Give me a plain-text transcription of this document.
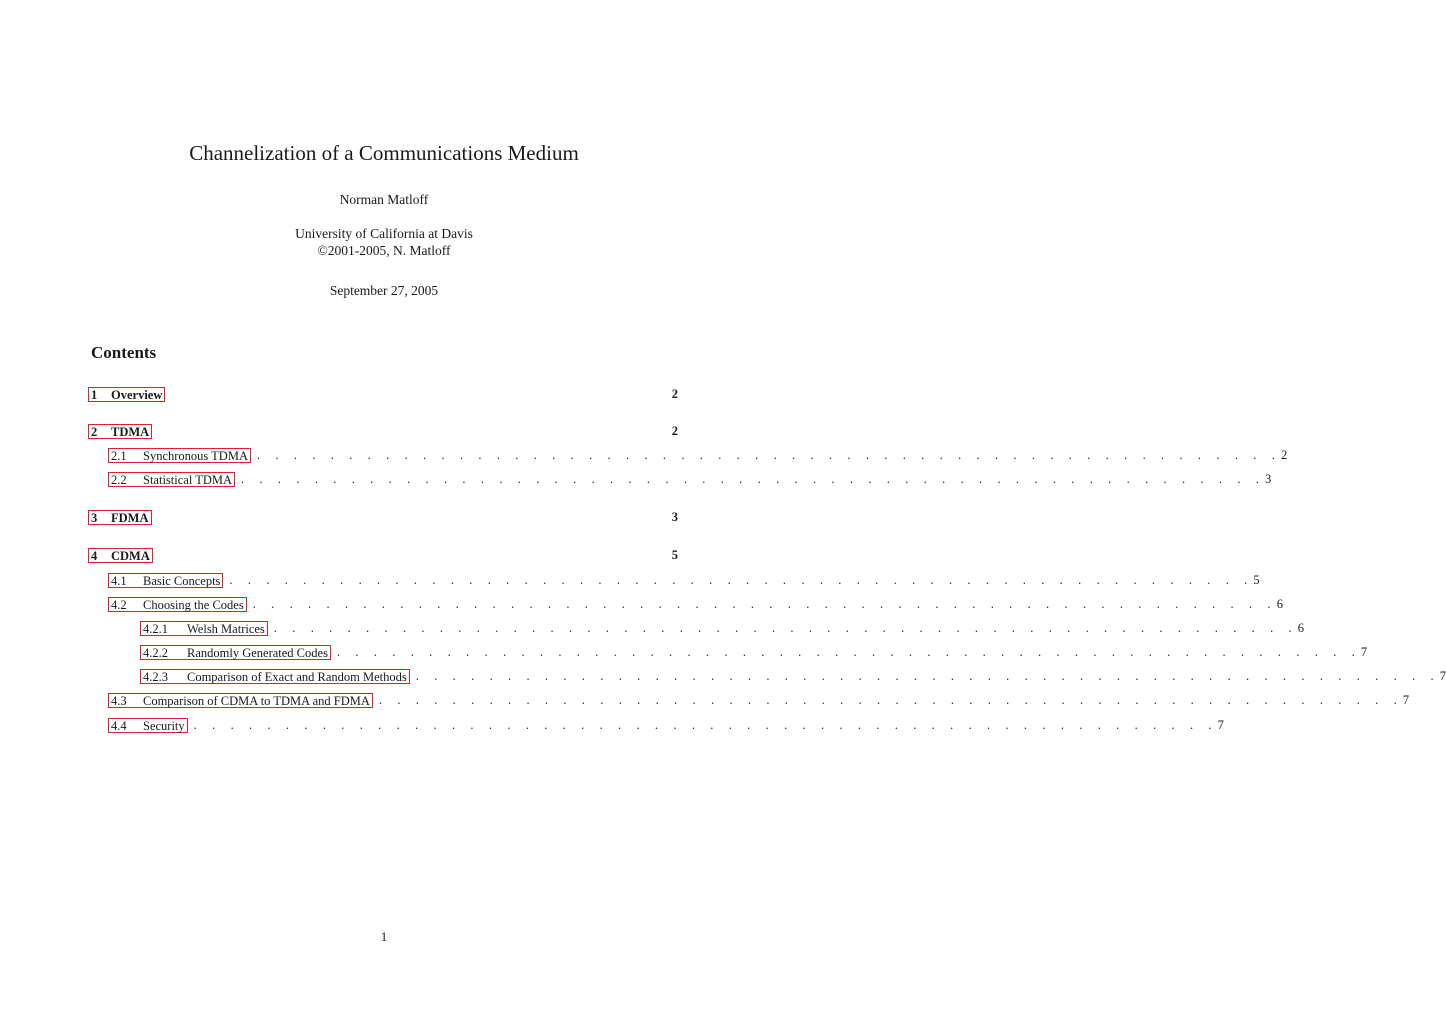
Channelization of a Communications Medium
Norman Matloff
University of California at Davis
©2001-2005, N. Matloff
September 27, 2005
Contents
1 Overview	2
2 TDMA	2
2.1 Synchronous TDMA . . . . . . . . . . . . . . . . . . . . . . . . . . . . . . . . . . . . . . . . . . . . . . . . . . . . . . . . 2
2.2 Statistical TDMA . . . . . . . . . . . . . . . . . . . . . . . . . . . . . . . . . . . . . . . . . . . . . . . . . . . . . . . . 3
3 FDMA	3
4 CDMA	5
4.1 Basic Concepts . . . . . . . . . . . . . . . . . . . . . . . . . . . . . . . . . . . . . . . . . . . . . . . . . . . . . . . . 5
4.2 Choosing the Codes . . . . . . . . . . . . . . . . . . . . . . . . . . . . . . . . . . . . . . . . . . . . . . . . . . . . . . . . 6
4.2.1 Welsh Matrices . . . . . . . . . . . . . . . . . . . . . . . . . . . . . . . . . . . . . . . . . . . . . . . . . . . . . . . . 6
4.2.2 Randomly Generated Codes . . . . . . . . . . . . . . . . . . . . . . . . . . . . . . . . . . . . . . . . . . . . . . . . . . . . . . . . 7
4.2.3 Comparison of Exact and Random Methods . . . . . . . . . . . . . . . . . . . . . . . . . . . . . . . . . . . . . . . . . . . . . . . . . . . . . . . . 7
4.3 Comparison of CDMA to TDMA and FDMA . . . . . . . . . . . . . . . . . . . . . . . . . . . . . . . . . . . . . . . . . . . . . . . . . . . . . . . . 7
4.4 Security . . . . . . . . . . . . . . . . . . . . . . . . . . . . . . . . . . . . . . . . . . . . . . . . . . . . . . . . 7
1
